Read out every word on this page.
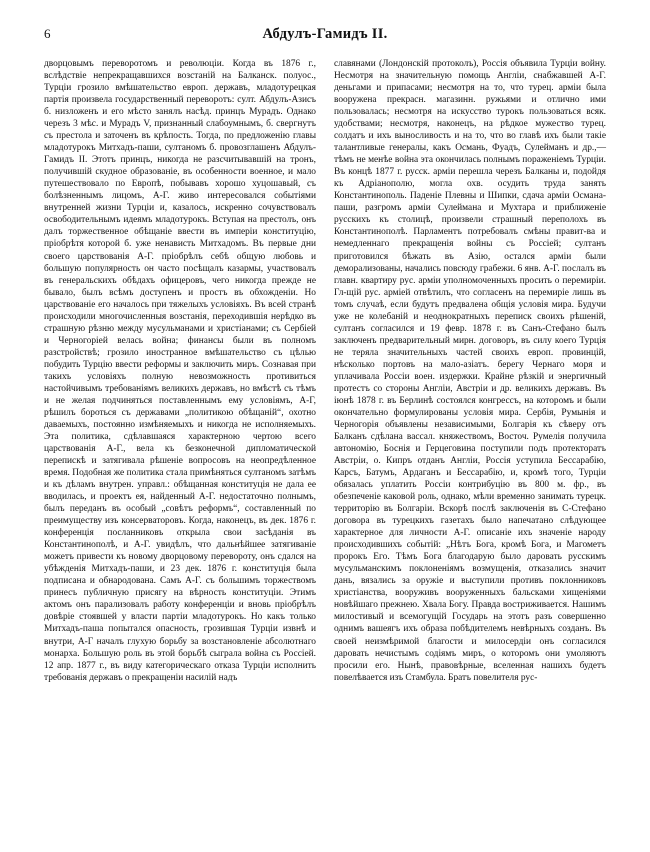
6	Абдулъ-Гамидъ II.

дворцовымъ переворотомъ и революціи. Когда въ 1876 г., вслѣдствіе непрекращавшихся возстаній на Балканск. полуос., Турціи грозило вмѣшательство европ. державъ, младотурецкая партія произвела государственный переворотъ: султ. Абдулъ-Азисъ б. низложенъ и его мѣсто занялъ насѣд. принцъ Мурадъ. Однако черезъ 3 мѣс. и Мурадъ V, признанный слабоумнымъ, б. свергнутъ съ престола и заточенъ въ крѣпость. Тогда, по предложенію главы младотурокъ Митхадъ-паши, султаномъ б. провозглашенъ Абдулъ-Гамидъ II. Этотъ принцъ, никогда не разсчитывавшій на тронъ, получившій скудное образованіе, въ особенности военное, и мало путешествовало по Европѣ, побывавъ хорошо хуцошавый, съ болѣзненнымъ лицомъ, А-Г. живо интересовался событіями внутренней жизни Турціи и, казалось, искренно сочувствовалъ освободительнымъ идеямъ младотурокъ. Вступая на престолъ, онъ далъ торжественное обѣщаніе ввести въ имперіи конституцію, пріобрѣтя которой б. уже ненависть Митхадомъ. Въ первые дни своего царствованія А-Г. пріобрѣлъ себѣ общую любовь и большую популярность он часто посѣщалъ казармы, участвовалъ въ генеральскихъ обѣдахъ офицеровъ, чего никогда прежде не бывало, былъ всѣмъ доступенъ и простъ въ обхожденіи. Но царствованіе его началось при тяжелыхъ условіяхъ. Въ всей странѣ происходили многочисленныя возстанія, переходившія нерѣдко въ страшную рѣзню между мусульманами и христіанами; съ Сербіей и Черногоріей велась война; финансы были въ полномъ разстройствѣ; грозило иностранное вмѣшательство съ цѣлью побудить Турцію ввести реформы и заключить миръ. Сознавая при такихъ условіяхъ полную невозможность противиться настойчивымъ требованіямъ великихъ державъ, но вмѣстѣ съ тѣмъ и не желая подчиняться поставленнымъ ему условіямъ, А-Г, рѣшилъ бороться съ державами „политикою обѣщаній“, охотно даваемыхъ, постоянно измѣняемыхъ и никогда не исполняемыхъ. Эта политика, сдѣлавшаяся характерною чертою всего царствованія А-Г., вела къ безконечной дипломатической перепискѣ и затягивала рѣшеніе вопросовъ на неопредѣленное время. Подобная же политика стала примѣняться султаномъ затѣмъ и къ дѣламъ внутрен. управл.: обѣщанная конституція не дала ее вводилась, и проектъ ея, найденный А-Г. недостаточно полнымъ, былъ переданъ въ особый „совѣтъ реформъ“, составленный по преимуществу изъ консерваторовъ. Когда, наконецъ, въ дек. 1876 г. конференція посланниковъ открыла свои засѣданія въ Константинополѣ, и А-Г. увидѣлъ, что дальнѣйшее затягиваніе можетъ привести къ новому дворцовому перевороту, онъ сдался на убѣжденія Митхадъ-паши, и 23 дек. 1876 г. конституція была подписана и обнародована. Самъ А-Г. съ большимъ торжествомъ принесъ публичную присягу на вѣрность конституціи. Этимъ актомъ онъ парализовалъ работу конференціи и вновь пріобрѣлъ довѣріе стоявшей у власти партіи младотурокъ. Но какъ только Митхадъ-паша попытался опасность, грозившая Турціи извнѣ и внутри, А-Г началъ глухую борьбу за возстановленіе абсолютнаго монарха. Большую роль въ этой борьбѣ сыграла война съ Россіей. 12 апр. 1877 г., въ виду категорическаго отказа Турціи исполнить требованія державъ о прекращеніи насилій надъ

славянами (Лондонскій протоколъ), Россія объявила Турціи войну. Несмотря на значительную помощь Англіи, снабжавшей А-Г. деньгами и припасами; несмотря на то, что турец. арміи была вооружена прекрасн. магазинн. ружьями и отлично ими пользовалась; несмотря на искусство турокъ пользоваться всяк. удобствами; несмотря, наконецъ, на рѣдкое мужество турец. солдатъ и ихъ выносливость и на то, что во главѣ ихъ были такіе талантливые генералы, какъ Османь, Фуадъ, Сулейманъ и др.,—тѣмъ не менѣе война эта окончилась полнымъ пораженіемъ Турціи. Въ концѣ 1877 г. русск. арміи перешла черезъ Балканы и, подойдя къ Адріанополю, могла охв. осудить труда занять Константинополь. Паденіе Плевны и Шипки, сдача арміи Османа-паши, разгромъ арміи Сулеймана и Мухтара и приближеніе русскихъ къ столицѣ, произвели страшный переполохъ въ Константинополѣ. Парламентъ потребовалъ смѣны правит-ва и немедленнаго прекращенія войны съ Россіей; султанъ приготовился бѣжать въ Азію, остался арміи были деморализованы, начались повсюду грабежи. 6 янв. А-Г. послалъ въ главн. квартиру рус. арміи уполномоченныхъ просить о перемиріи. Гл-щій рус. арміей отвѣтилъ, что согласенъ на перемиріе лишь въ томъ случаѣ, если будутъ предвалена общія условія мира. Будучи уже не колебаній и неоднократныхъ переписк своихъ рѣшеній, султанъ согласился и 19 февр. 1878 г. въ Санъ-Стефано былъ заключенъ предварительный мирн. договоръ, въ силу коего Турція не теряла значительныхъ частей своихъ европ. провинцій, нѣсколько портовъ на мало-азіатъ. берегу Чернаго моря и уплачивала Россіи воен. издержки. Крайне рѣзкій и энергичный протестъ со стороны Англіи, Австріи и др. великихъ державъ. Въ іюнѣ 1878 г. въ Берлинѣ состоялся конгрессъ, на которомъ и были окончательно формулированы условія мира. Сербія, Румынія и Черногорія объявлены независимыми, Болгарія къ сѣверу отъ Балканъ сдѣлана вассал. княжествомъ, Восточ. Румелія получила автономію, Боснія и Герцеговина поступили подъ протекторатъ Австріи, о. Кипръ отданъ Англіи, Россія уступила Бессарабію, Карсъ, Батумъ, Ардаганъ и Бессарабію, и, кромѣ того, Турціи обязалась уплатить Россіи контрибуцію въ 800 м. фр., въ обезпеченіе каковой роль, однако, мѣли временно занимать турецк. территорію въ Болгаріи. Вскорѣ послѣ заключенія въ С-Стефано договора въ турецкихъ газетахъ было напечатано слѣдующее характерное для личности А-Г. описаніе ихъ значеніе народу происходившихъ событій: „Нѣтъ Бога, кромѣ Бога, и Магометъ пророкъ Его. Тѣмъ Бога благодарую было даровать русскимъ мусульманскимъ поклоненіямъ возмущенія, отказались значит дань, вязались за оружіе и выступили противъ поклонниковъ христіанства, вооруживъ вооруженныхъ бальсками хищеніями новѣйшаго прежнею. Хвала Богу. Правда востриживается. Нашимъ милостивый и всемогущій Государь на этотъ разъ совершенно однимъ вашеягъ ихъ образа побѣдителемъ невѣрныхъ созданъ. Въ своей неизмѣримой благости и милосердіи онъ согласился даровать нечистымъ содіямъ миръ, о которомъ они умоляютъ просили его. Нынѣ, правовѣрные, вселенная нашихъ будетъ повелѣвается изъ Стамбула. Братъ повелителя рус-
